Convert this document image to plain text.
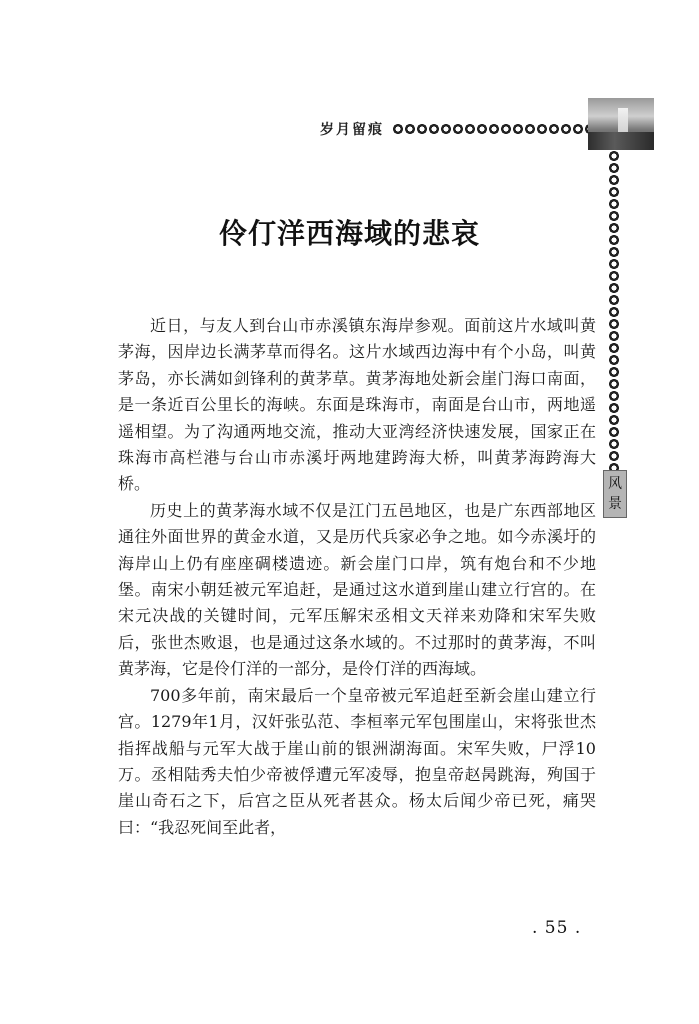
岁月留痕
风
景
伶仃洋西海域的悲哀

近日，与友人到台山市赤溪镇东海岸参观。面前这片水域叫黄茅海，因岸边长满茅草而得名。这片水域西边海中有个小岛，叫黄茅岛，亦长满如剑锋利的黄茅草。黄茅海地处新会崖门海口南面，是一条近百公里长的海峡。东面是珠海市，南面是台山市，两地遥遥相望。为了沟通两地交流，推动大亚湾经济快速发展，国家正在珠海市高栏港与台山市赤溪圩两地建跨海大桥，叫黄茅海跨海大桥。

历史上的黄茅海水域不仅是江门五邑地区，也是广东西部地区通往外面世界的黄金水道，又是历代兵家必争之地。如今赤溪圩的海岸山上仍有座座碉楼遗迹。新会崖门口岸，筑有炮台和不少地堡。南宋小朝廷被元军追赶，是通过这水道到崖山建立行宫的。在宋元决战的关键时间，元军压解宋丞相文天祥来劝降和宋军失败后，张世杰败退，也是通过这条水域的。不过那时的黄茅海，不叫黄茅海，它是伶仃洋的一部分，是伶仃洋的西海域。

700多年前，南宋最后一个皇帝被元军追赶至新会崖山建立行宫。1279年1月，汉奸张弘范、李桓率元军包围崖山，宋将张世杰指挥战船与元军大战于崖山前的银洲湖海面。宋军失败，尸浮10万。丞相陆秀夫怕少帝被俘遭元军凌辱，抱皇帝赵昺跳海，殉国于崖山奇石之下，后宫之臣从死者甚众。杨太后闻少帝已死，痛哭曰：“我忍死间至此者，

. 55 .
